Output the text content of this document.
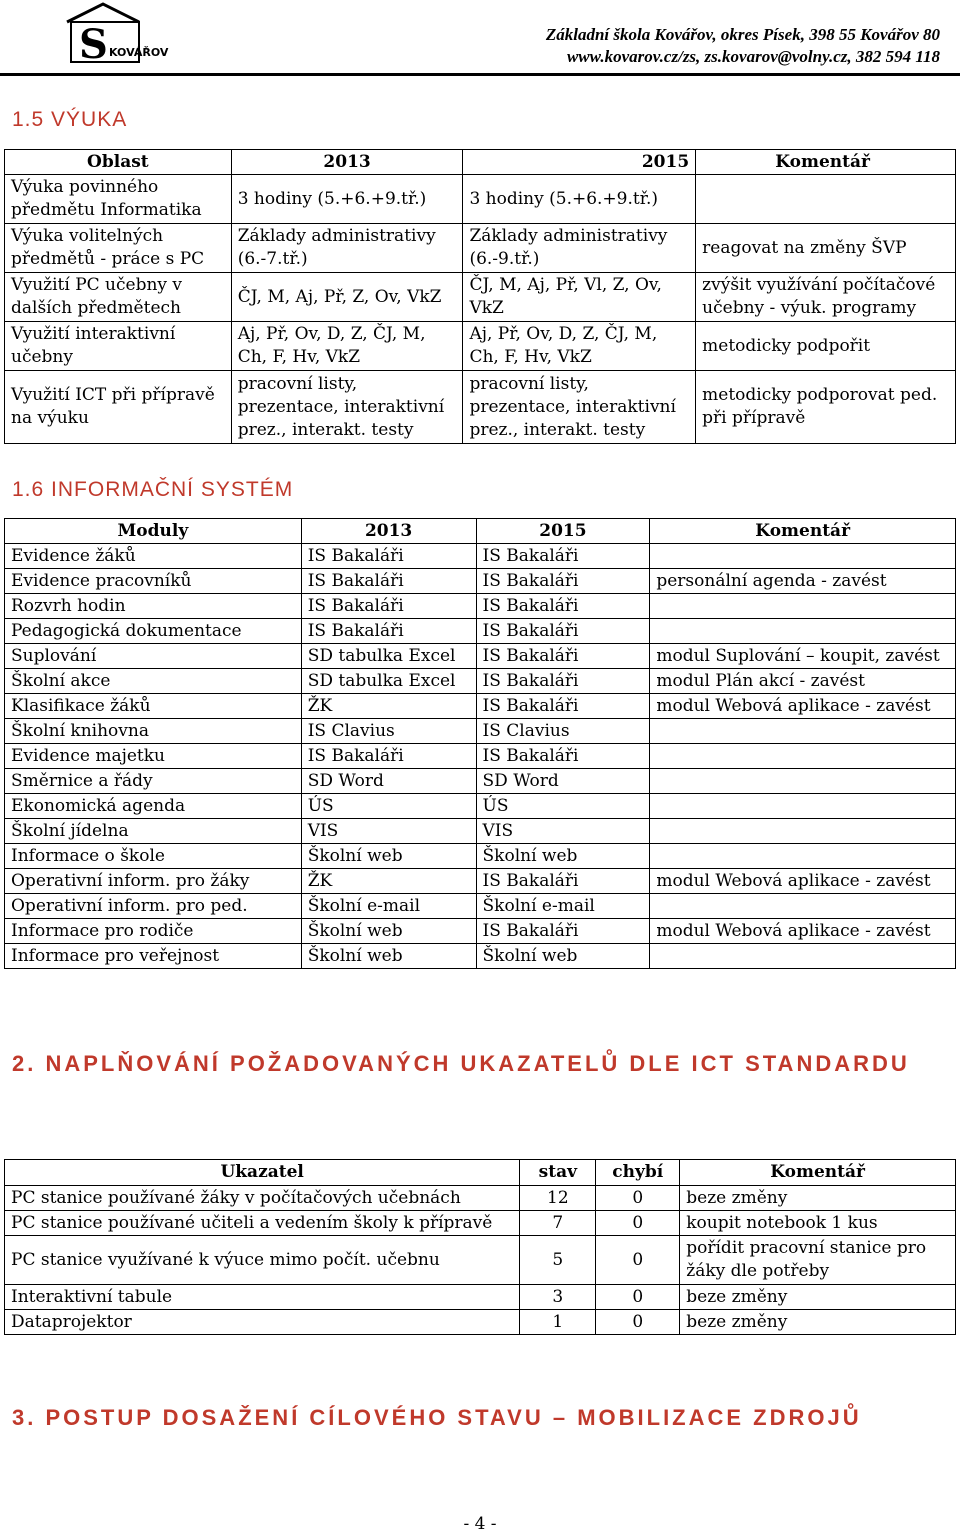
S KOVÁŘOV
Základní škola Kovářov, okres Písek, 398 55 Kovářov 80
www.kovarov.cz/zs, zs.kovarov@volny.cz, 382 594 118
1.5 VÝUKA
Oblast	2013	2015	Komentář
Výuka povinného předmětu Informatika	3 hodiny (5.+6.+9.tř.)	3 hodiny (5.+6.+9.tř.)	
Výuka volitelných předmětů - práce s PC	Základy administrativy (6.-7.tř.)	Základy administrativy (6.-9.tř.)	reagovat na změny ŠVP
Využití PC učebny v dalších předmětech	ČJ, M, Aj, Př, Z, Ov, VkZ	ČJ, M, Aj, Př, Vl, Z, Ov, VkZ	zvýšit využívání počítačové učebny - výuk. programy
Využití interaktivní učebny	Aj, Př, Ov, D, Z, ČJ, M, Ch, F, Hv, VkZ	Aj, Př, Ov, D, Z, ČJ, M, Ch, F, Hv, VkZ	metodicky podpořit
Využití ICT při přípravě na výuku	pracovní listy, prezentace, interaktivní prez., interakt. testy	pracovní listy, prezentace, interaktivní prez., interakt. testy	metodicky podporovat ped. při přípravě
1.6 INFORMAČNÍ SYSTÉM
Moduly	2013	2015	Komentář
Evidence žáků	IS Bakaláři	IS Bakaláři	
Evidence pracovníků	IS Bakaláři	IS Bakaláři	personální agenda - zavést
Rozvrh hodin	IS Bakaláři	IS Bakaláři	
Pedagogická dokumentace	IS Bakaláři	IS Bakaláři	
Suplování	SD tabulka Excel	IS Bakaláři	modul Suplování – koupit, zavést
Školní akce	SD tabulka Excel	IS Bakaláři	modul Plán akcí - zavést
Klasifikace žáků	ŽK	IS Bakaláři	modul Webová aplikace - zavést
Školní knihovna	IS Clavius	IS Clavius	
Evidence majetku	IS Bakaláři	IS Bakaláři	
Směrnice a řády	SD Word	SD Word	
Ekonomická agenda	ÚS	ÚS	
Školní jídelna	VIS	VIS	
Informace o škole	Školní web	Školní web	
Operativní inform. pro žáky	ŽK	IS Bakaláři	modul Webová aplikace - zavést
Operativní inform. pro ped.	Školní e-mail	Školní e-mail	
Informace pro rodiče	Školní web	IS Bakaláři	modul Webová aplikace - zavést
Informace pro veřejnost	Školní web	Školní web	
2. NAPLŇOVÁNÍ POŽADOVANÝCH UKAZATELŮ DLE ICT STANDARDU
Ukazatel	stav	chybí	Komentář
PC stanice používané žáky v počítačových učebnách	12	0	beze změny
PC stanice používané učiteli a vedením školy k přípravě	7	0	koupit notebook 1 kus
PC stanice využívané k výuce mimo počít. učebnu	5	0	pořídit pracovní stanice pro žáky dle potřeby
Interaktivní tabule	3	0	beze změny
Dataprojektor	1	0	beze změny
3. POSTUP DOSAŽENÍ CÍLOVÉHO STAVU – MOBILIZACE ZDROJŮ
- 4 -
